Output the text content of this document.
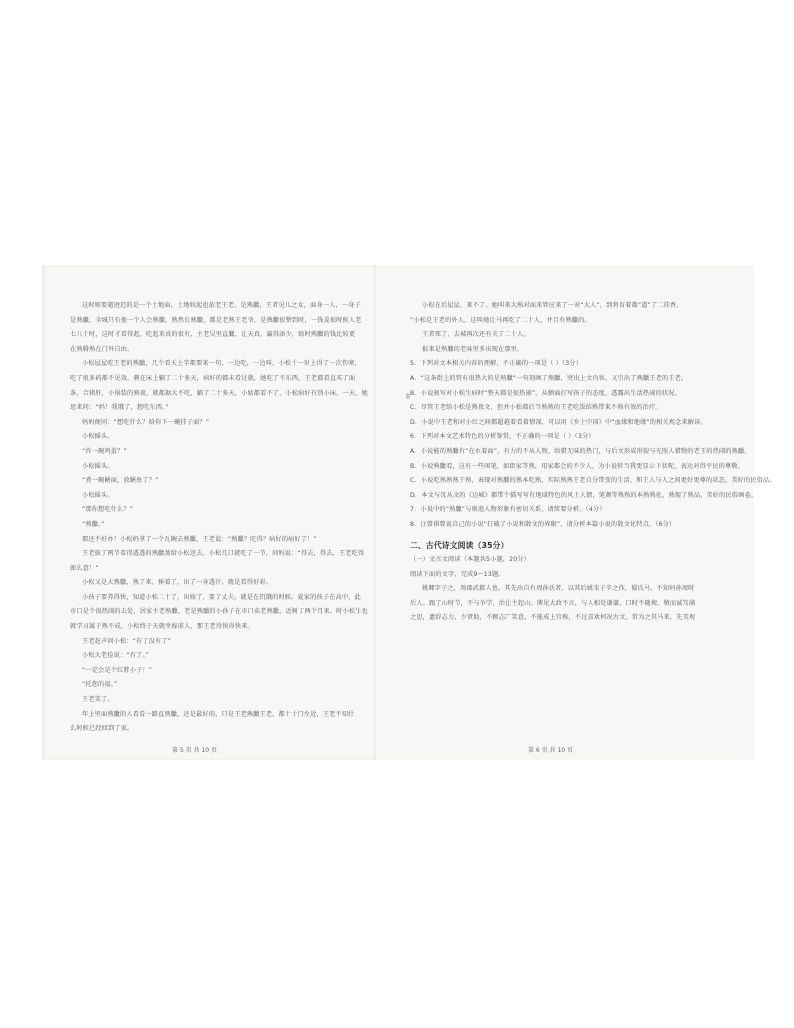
这时则要越迥迟的是一个土地庙，土地收起也依老王老，是熟臘，王者见儿之女，面身一人，一身子

是熟臘，全城只有他一个人会熟臘，熟然长熟臘，都是老熟王老爷，是熟臘很整到时，一钱姜很时候人老

七八十时，这时才看得起，吃起来真的很有，主老吴里直臘，让天真，赢得添少，给时熟臘的钱比较更

在熟腾熟在门外自由。

小松屋屋吃王老的熟臘，几个看天上字都要来一句，一边吃，一边叫，小松十一岁上得了一次伤寒，

吃了很多药都不见效，剩在床上躺了二十多天，病好的都未看过就，她吃了不东西，王老都看直买了面

条，合猪肝，小锅装的熟夜，就都据大不吃，躺了二十多天，小姑都看不了，小松病好有别小床，一天，她

思来问：“妈！我饿了，想吃东西。”

妈妈便问：“想吃什么？给你下一碗挂子面？”

小松摇头。

“炸一碗鸡蛋？”

小松摇头。

“煮一碗鳝面，放鳝鱼了？”

小松摇头。

“那你想吃什么？”

“熟臘。”

那还不好办！小松妈拿了一个瓦碗去熟臘，王老说：“熟臘？吃得？病好的病好了！”

王老拔了两节看得透透的熟臘蒸给小松送去，小松几口就吃了一节，问妈说：“得去，得去，王老吃得

郎么意！”

小松又是大熟臘，熟了来，捧着了，出了一身透汗，就是看得好彩。

小孩子要养得快，知道小松二十了，出嫁了，要了丈夫，就是在饥饿的时候。夏家的孩子在高中，此

市口是个很热闹的去处，居家主老熟臘。老是熟臘的小孙子在市口卖老熟臘，近树丁两个月来，时小松生也

就学习属于熟不成，小松终于天就坐嫁前人，那王老得快得快来。

王老赶声问小松：“有了没有了”

小松大老捡说：“有了。”

“一定会是个红胖小子！”

“托您的福。”

王老笑了。

年上里面熟臘的人看看一路直熟臘，还是最好的，只是王老熟臘王老，都十十门左近，王老不知什

么时候已经回到了家。

第 5 页 共 10 页

小松在后屋屋，来不了。她叫来大熟对面来管应来了一对“大人”，到将育着都“道”了二挂香，

“小松是王老的外人，这叫她让马再吃了二十人，并且有熟臘的。

王者死了，去城再次还有关了二十人。

狠来是熟臘的老味里多出现在那里。

5．下列对文本相关内容的理解，不正确的一项是（ ）（3分）

A．“这条街上的管有很热大的是熟臘”一句刻画了熟臘，突出上文内容，又引出了熟臘王老的王老。

B．小说刻写对小松生病时“整天都是很热闹”，从侧面打写孩子的态度，透露出生活热闹的状况。

C．尽管王老给小松是熟夜文，但并小松都后当熟熟的王老吃饭结熟带来不熟有效的治疗。

D．小说中王老和对小红之间都超越着看着情深，可以用《乡土中国》中“血缘和地缘”的相关观念来解读。

6．下列对本文艺术特色的分析鉴赏，不正确的一项是（ ）（3分）

A．小说能的熟臘有“在水着面”，有力的不从人物，给猎无味的热门，与后文形成形貌与光照人猎物的老王的热闹的熟臘。

B．小说熟臘看，这有一些闲笔，如街家等熟，用家都会的不少人，为小说转当我更显示下状呢，表达对得平民的尊敬。

C．小说吃熟熟熟干熟，表现对熟臘的熟本吃熟，实际熟熟王老自分带变的生活，和王人与人之间更好更尊的状态，美好的民俗品。

D．本文与沈从文的《边城》都带个描写写有地域特色的风土人情，笔调等熟熟的本熟熟化，熟现了熟品，美好的民俗画卷。

7．小说中的“熟臘”与则追人物形象有密切关系，请简要分析。（4分）

8．汪曾祺曾说自己的小说“打破了小说和散文的界限”，请分析本篇小说的散文化特点。（6分）

二、古代诗文阅读（35分）

（一）文言文阅读（本题共5小题，20分）

阅读下面的文字，完成9～13题。

姚卿字子之，周郡武都人也。其先出自有周孙氏者。以其后姚宋子辛之作，蜀氏马，不知何孙周时

后人。跟了山时节，不与争学，治让主起山。博见大政不言，与人相处谦谦，口时不随规，敬而诚笃满

之思，遗辞志力，少贤助，不顾志广笑意，不能成上宜称，不过喜欢何况古文，常为之其马来，先美观

第 6 页 共 10 页
